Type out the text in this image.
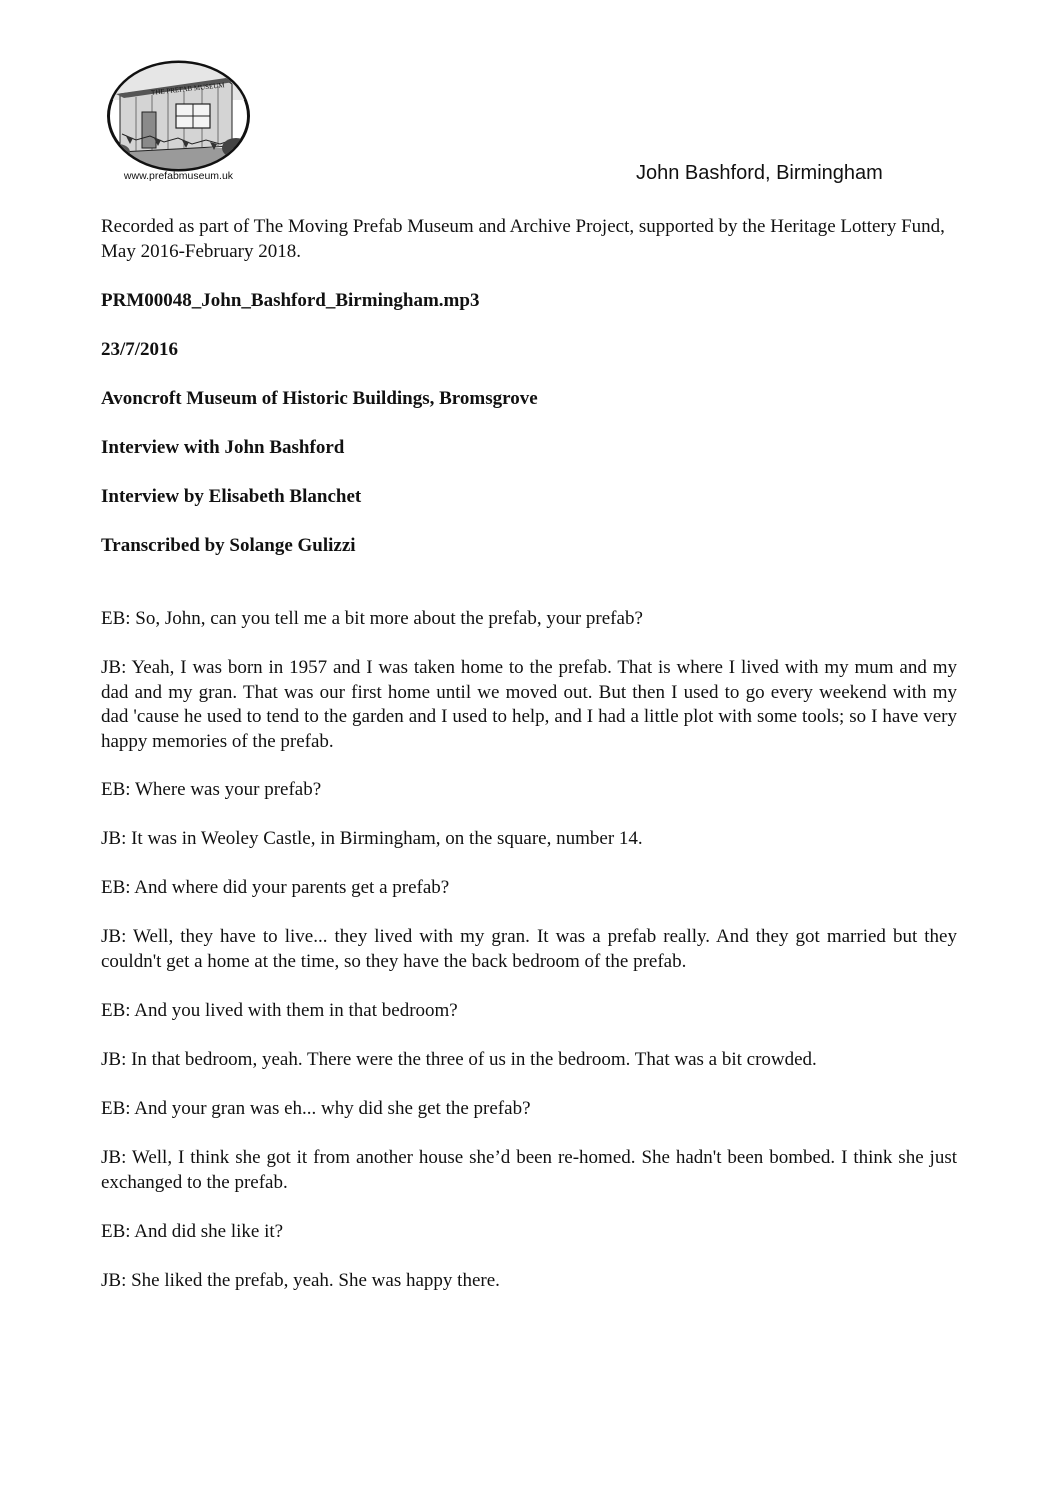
THE PREFAB MUSEUM
www.prefabmuseum.uk	John Bashford, Birmingham

Recorded as part of The Moving Prefab Museum and Archive Project, supported by the Heritage Lottery Fund, May 2016-February 2018.

PRM00048_John_Bashford_Birmingham.mp3

23/7/2016

Avoncroft Museum of Historic Buildings, Bromsgrove

Interview with John Bashford

Interview by Elisabeth Blanchet

Transcribed by Solange Gulizzi

EB: So, John, can you tell me a bit more about the prefab, your prefab?

JB: Yeah, I was born in 1957 and I was taken home to the prefab. That is where I lived with my mum and my dad and my gran. That was our first home until we moved out. But then I used to go every weekend with my dad 'cause he used to tend to the garden and I used to help, and I had a little plot with some tools; so I have very happy memories of the prefab.

EB: Where was your prefab?

JB: It was in Weoley Castle, in Birmingham, on the square, number 14.

EB: And where did your parents get a prefab?

JB: Well, they have to live... they lived with my gran. It was a prefab really. And they got married but they couldn't get a home at the time, so they have the back bedroom of the prefab.

EB: And you lived with them in that bedroom?

JB: In that bedroom, yeah. There were the three of us in the bedroom. That was a bit crowded.

EB: And your gran was eh... why did she get the prefab?

JB: Well, I think she got it from another house she’d been re-homed. She hadn't been bombed. I think she just exchanged to the prefab.

EB: And did she like it?

JB: She liked the prefab, yeah. She was happy there.
